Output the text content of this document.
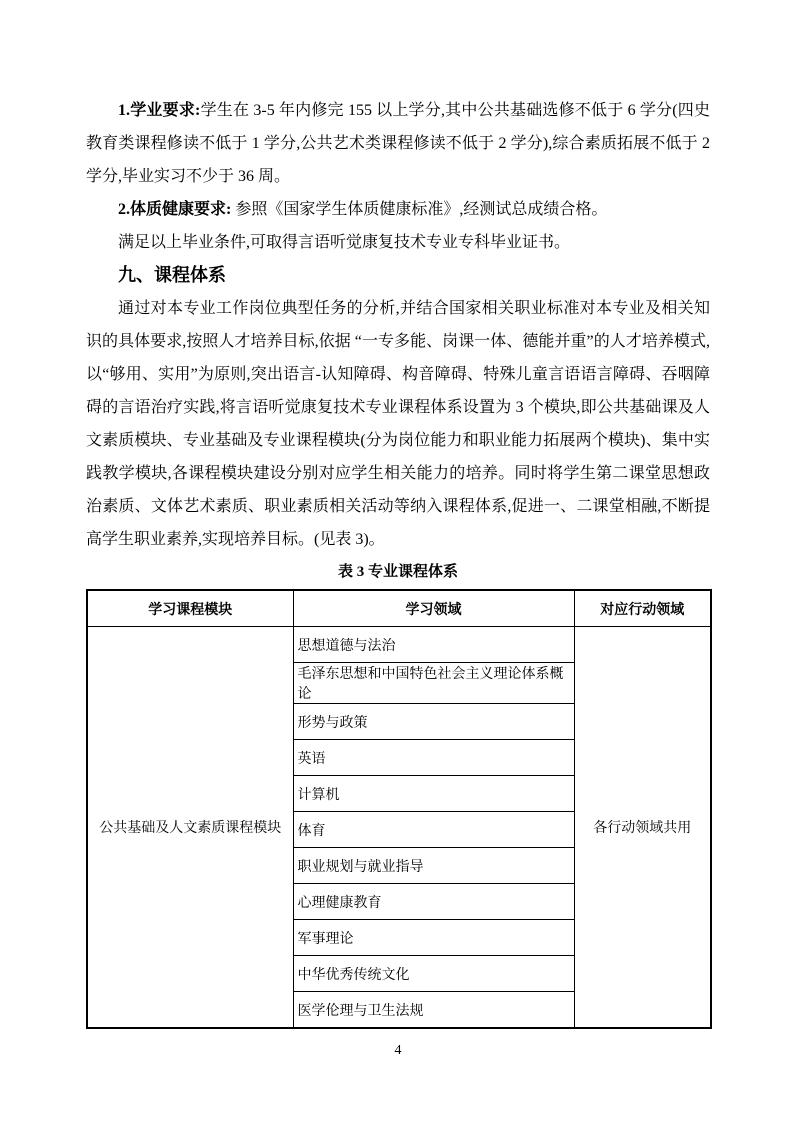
1.学业要求:学生在 3-5 年内修完 155 以上学分,其中公共基础选修不低于 6 学分(四史教育类课程修读不低于 1 学分,公共艺术类课程修读不低于 2 学分),综合素质拓展不低于 2 学分,毕业实习不少于 36 周。

2.体质健康要求: 参照《国家学生体质健康标准》,经测试总成绩合格。

满足以上毕业条件,可取得言语听觉康复技术专业专科毕业证书。

九、课程体系

通过对本专业工作岗位典型任务的分析,并结合国家相关职业标准对本专业及相关知识的具体要求,按照人才培养目标,依据 “一专多能、岗课一体、德能并重”的人才培养模式,以“够用、实用”为原则,突出语言-认知障碍、构音障碍、特殊儿童言语语言障碍、吞咽障碍的言语治疗实践,将言语听觉康复技术专业课程体系设置为 3 个模块,即公共基础课及人文素质模块、专业基础及专业课程模块(分为岗位能力和职业能力拓展两个模块)、集中实践教学模块,各课程模块建设分别对应学生相关能力的培养。同时将学生第二课堂思想政治素质、文体艺术素质、职业素质相关活动等纳入课程体系,促进一、二课堂相融,不断提高学生职业素养,实现培养目标。(见表 3)。

表 3 专业课程体系
学习课程模块	学习领域	对应行动领域
公共基础及人文素质课程模块	思想道德与法治	各行动领域共用
	毛泽东思想和中国特色社会主义理论体系概论	
	形势与政策	
	英语	
	计算机	
	体育	
	职业规划与就业指导	
	心理健康教育	
	军事理论	
	中华优秀传统文化	
	医学伦理与卫生法规	
4
